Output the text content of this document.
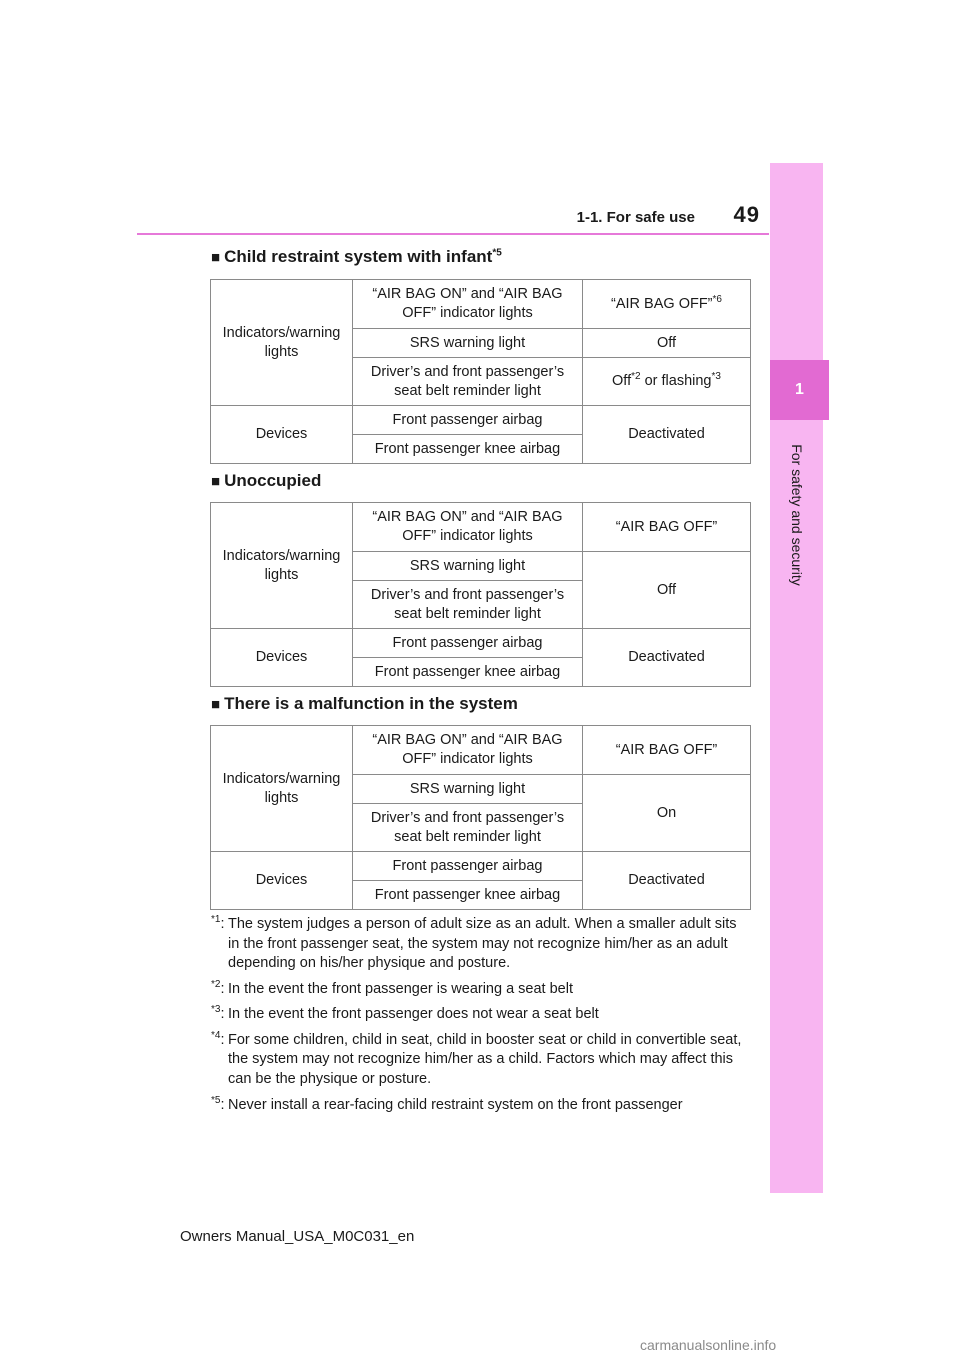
1-1. For safe use	49
1
For safety and security
■ Child restraint system with infant$^{*5}$
Indicators/warning lights	“AIR BAG ON” and “AIR BAG OFF” indicator lights	“AIR BAG OFF”$^{*6}$
	SRS warning light	Off
	Driver’s and front passenger’s seat belt reminder light	Off$^{*2}$ or flashing$^{*3}$
Devices	Front passenger airbag	Deactivated
	Front passenger knee airbag	
■ Unoccupied
Indicators/warning lights	“AIR BAG ON” and “AIR BAG OFF” indicator lights	“AIR BAG OFF”
	SRS warning light	Off
	Driver’s and front passenger’s seat belt reminder light	
Devices	Front passenger airbag	Deactivated
	Front passenger knee airbag	
■ There is a malfunction in the system
Indicators/warning lights	“AIR BAG ON” and “AIR BAG OFF” indicator lights	“AIR BAG OFF”
	SRS warning light	On
	Driver’s and front passenger’s seat belt reminder light	
Devices	Front passenger airbag	Deactivated
	Front passenger knee airbag	
$^{*1}$: The system judges a person of adult size as an adult. When a smaller adult sits in the front passenger seat, the system may not recognize him/her as an adult depending on his/her physique and posture.
$^{*2}$: In the event the front passenger is wearing a seat belt
$^{*3}$: In the event the front passenger does not wear a seat belt
$^{*4}$: For some children, child in seat, child in booster seat or child in convertible seat, the system may not recognize him/her as a child. Factors which may affect this can be the physique or posture.
$^{*5}$: Never install a rear-facing child restraint system on the front passenger
Owners Manual_USA_M0C031_en
carmanualsonline.info
